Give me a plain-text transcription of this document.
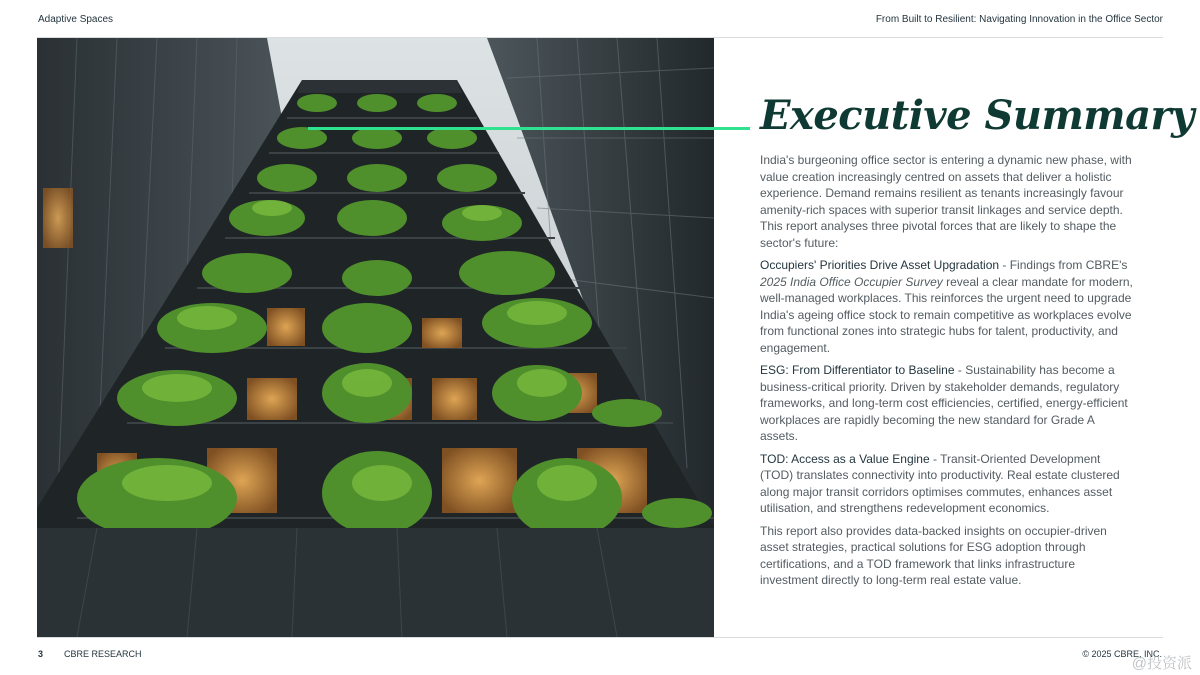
Adaptive Spaces	From Built to Resilient: Navigating Innovation in the Office Sector
Executive Summary

India's burgeoning office sector is entering a dynamic new phase, with value creation increasingly centred on assets that deliver a holistic experience. Demand remains resilient as tenants increasingly favour amenity-rich spaces with superior transit linkages and service depth. This report analyses three pivotal forces that are likely to shape the sector's future:

Occupiers' Priorities Drive Asset Upgradation - Findings from CBRE's 2025 India Office Occupier Survey reveal a clear mandate for modern, well-managed workplaces. This reinforces the urgent need to upgrade India's ageing office stock to remain competitive as workplaces evolve from functional zones into strategic hubs for talent, productivity, and engagement.

ESG: From Differentiator to Baseline - Sustainability has become a business-critical priority. Driven by stakeholder demands, regulatory frameworks, and long-term cost efficiencies, certified, energy-efficient workplaces are rapidly becoming the new standard for Grade A assets.

TOD: Access as a Value Engine - Transit-Oriented Development (TOD) translates connectivity into productivity. Real estate clustered along major transit corridors optimises commutes, enhances asset utilisation, and strengthens redevelopment economics.

This report also provides data-backed insights on occupier-driven asset strategies, practical solutions for ESG adoption through certifications, and a TOD framework that links infrastructure investment directly to long-term real estate value.

3 CBRE RESEARCH	© 2025 CBRE, INC.
@投资派
